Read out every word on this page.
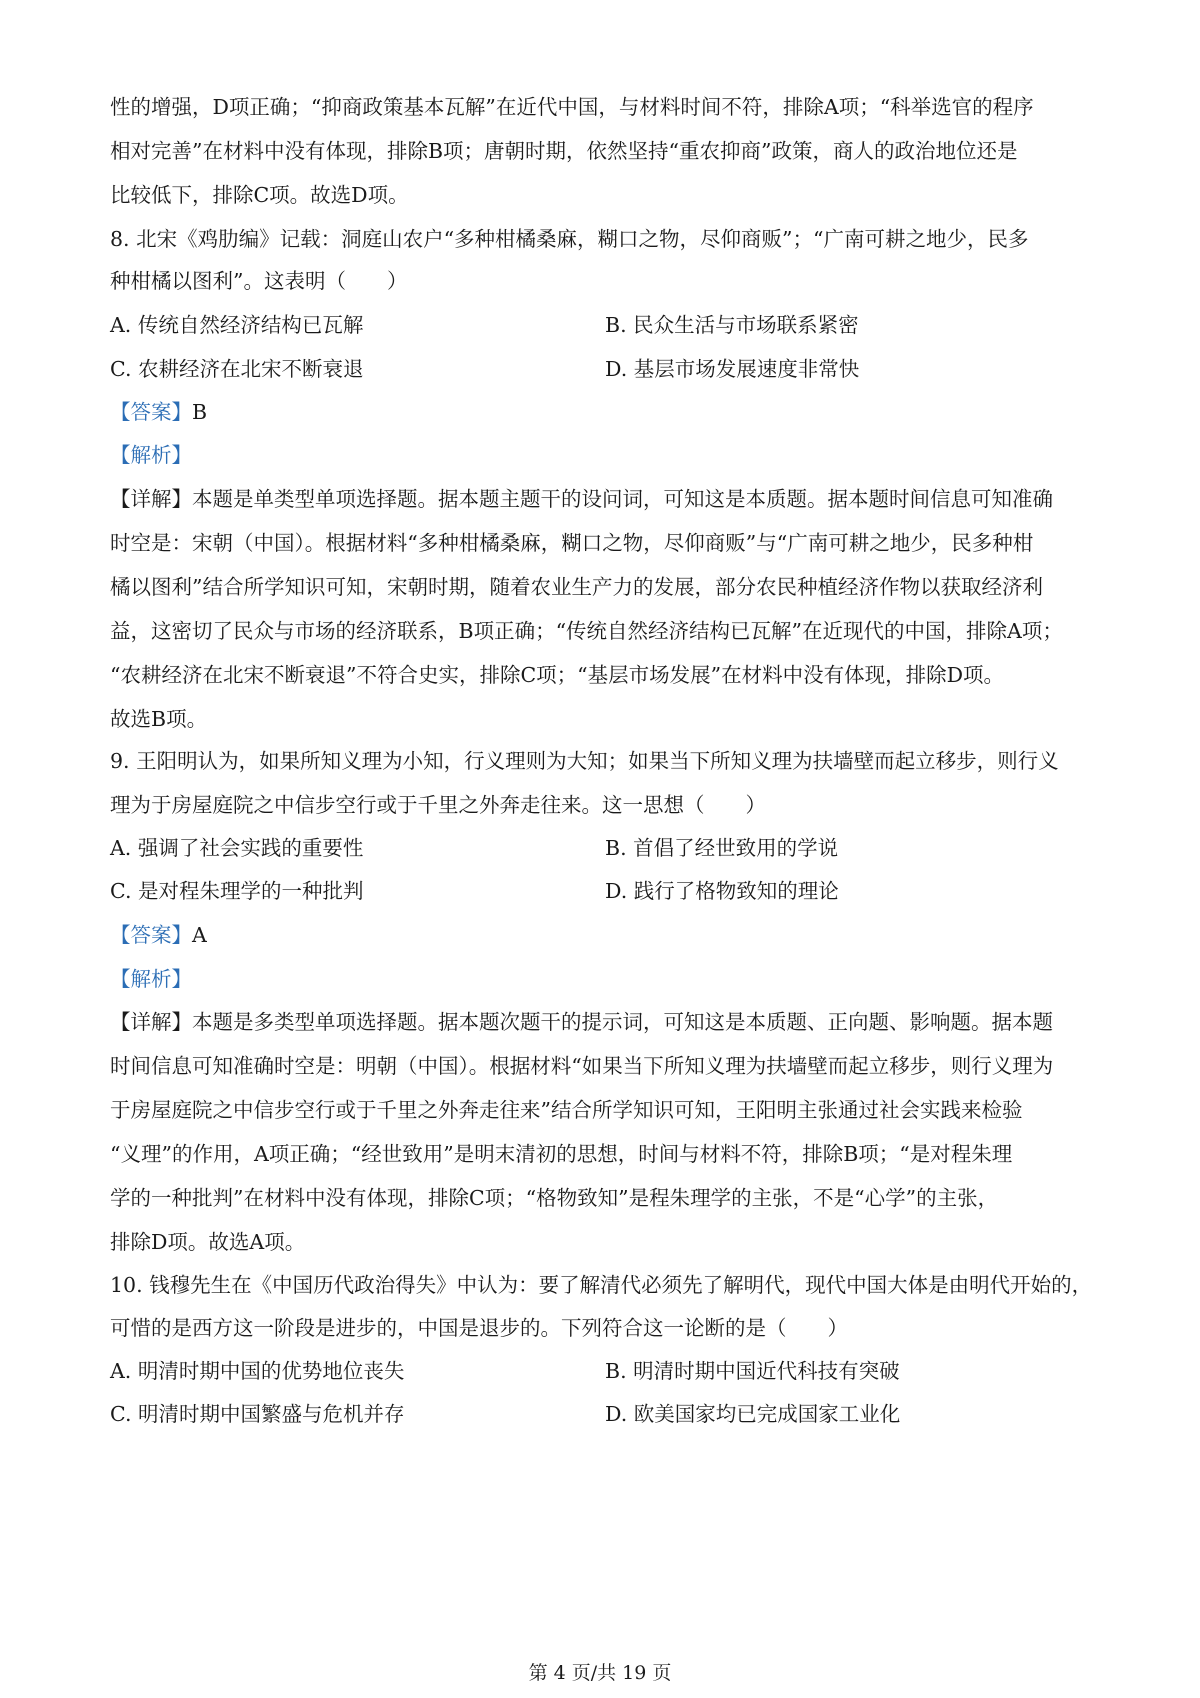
性的增强，D项正确；“抑商政策基本瓦解”在近代中国，与材料时间不符，排除A项；“科举选官的程序
相对完善”在材料中没有体现，排除B项；唐朝时期，依然坚持“重农抑商”政策，商人的政治地位还是
比较低下，排除C项。故选D项。
8. 北宋《鸡肋编》记载：洞庭山农户“多种柑橘桑麻，糊口之物，尽仰商贩”；“广南可耕之地少，民多
种柑橘以图利”。这表明（　　）
A. 传统自然经济结构已瓦解	B. 民众生活与市场联系紧密
C. 农耕经济在北宋不断衰退	D. 基层市场发展速度非常快
【答案】B
【解析】
【详解】本题是单类型单项选择题。据本题主题干的设问词，可知这是本质题。据本题时间信息可知准确
时空是：宋朝（中国）。根据材料“多种柑橘桑麻，糊口之物，尽仰商贩”与“广南可耕之地少，民多种柑
橘以图利”结合所学知识可知，宋朝时期，随着农业生产力的发展，部分农民种植经济作物以获取经济利
益，这密切了民众与市场的经济联系，B项正确；“传统自然经济结构已瓦解”在近现代的中国，排除A项；
“农耕经济在北宋不断衰退”不符合史实，排除C项；“基层市场发展”在材料中没有体现，排除D项。
故选B项。
9. 王阳明认为，如果所知义理为小知，行义理则为大知；如果当下所知义理为扶墙壁而起立移步，则行义
理为于房屋庭院之中信步空行或于千里之外奔走往来。这一思想（　　）
A. 强调了社会实践的重要性	B. 首倡了经世致用的学说
C. 是对程朱理学的一种批判	D. 践行了格物致知的理论
【答案】A
【解析】
【详解】本题是多类型单项选择题。据本题次题干的提示词，可知这是本质题、正向题、影响题。据本题
时间信息可知准确时空是：明朝（中国）。根据材料“如果当下所知义理为扶墙壁而起立移步，则行义理为
于房屋庭院之中信步空行或于千里之外奔走往来”结合所学知识可知，王阳明主张通过社会实践来检验
“义理”的作用，A项正确；“经世致用”是明末清初的思想，时间与材料不符，排除B项；“是对程朱理
学的一种批判”在材料中没有体现，排除C项；“格物致知”是程朱理学的主张，不是“心学”的主张，
排除D项。故选A项。
10. 钱穆先生在《中国历代政治得失》中认为：要了解清代必须先了解明代，现代中国大体是由明代开始的，
可惜的是西方这一阶段是进步的，中国是退步的。下列符合这一论断的是（　　）
A. 明清时期中国的优势地位丧失	B. 明清时期中国近代科技有突破
C. 明清时期中国繁盛与危机并存	D. 欧美国家均已完成国家工业化
第 4 页/共 19 页
